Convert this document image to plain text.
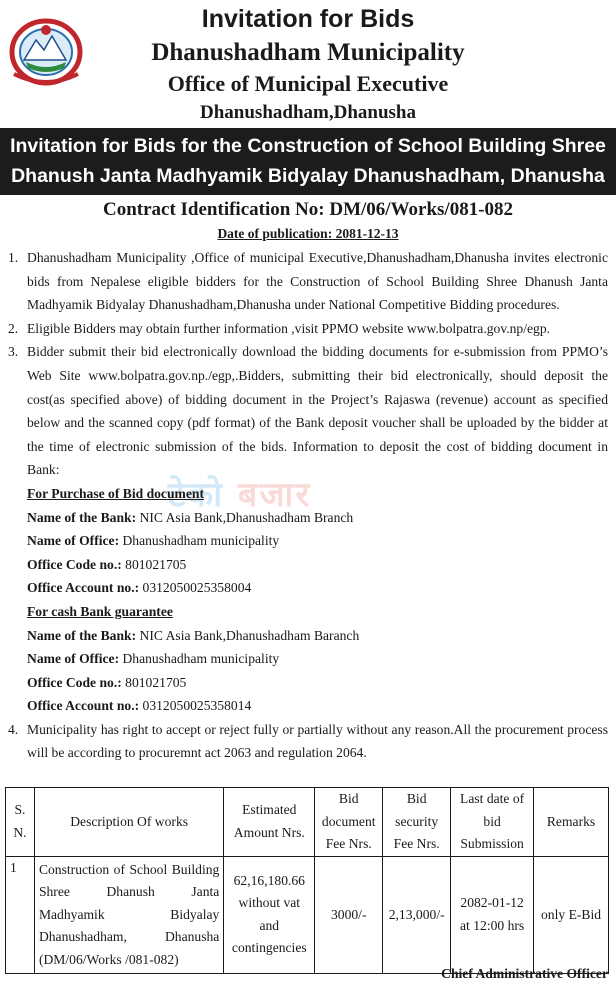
Invitation for Bids
Dhanushadham Municipality
Office of Municipal Executive
Dhanushadham,Dhanusha
Invitation for Bids for the Construction of School Building Shree
Dhanush Janta Madhyamik Bidyalay Dhanushadham, Dhanusha
Contract Identification No: DM/06/Works/081-082
Date of publication: 2081-12-13
टेको बजार
1. Dhanushadham Municipality ,Office of municipal Executive,Dhanushadham,Dhanusha invites electronic bids from Nepalese eligible bidders for the Construction of School Building Shree Dhanush Janta Madhyamik Bidyalay Dhanushadham,Dhanusha under National Competitive Bidding procedures.
2. Eligible Bidders may obtain further information ,visit PPMO website www.bolpatra.gov.np/egp.
3. Bidder submit their bid electronically download the bidding documents for e-submission from PPMO’s Web Site www.bolpatra.gov.np./egp,.Bidders, submitting their bid electronically, should deposit the cost(as specified above) of bidding document in the Project’s Rajaswa (revenue) account as specified below and the scanned copy (pdf format) of the Bank deposit voucher shall be uploaded by the bidder at the time of electronic submission of the bids. Information to deposit the cost of bidding document in Bank:
For Purchase of Bid document
Name of the Bank: NIC Asia Bank,Dhanushadham Branch
Name of Office: Dhanushadham municipality
Office Code no.: 801021705
Office Account no.: 0312050025358004
For cash Bank guarantee
Name of the Bank: NIC Asia Bank,Dhanushadham Baranch
Name of Office: Dhanushadham municipality
Office Code no.: 801021705
Office Account no.: 0312050025358014
4. Municipality has right to accept or reject fully or partially without any reason.All the procurement process will be according to procuremnt act 2063 and regulation 2064.
S. N.	Description Of works	Estimated Amount Nrs.	Bid document Fee Nrs.	Bid security Fee Nrs.	Last date of bid Submission	Remarks
1	Construction of School Building Shree Dhanush Janta Madhyamik Bidyalay Dhanushadham, Dhanusha (DM/06/Works /081-082)	62,16,180.66 without vat and contingencies	3000/-	2,13,000/-	2082-01-12 at 12:00 hrs	only E-Bid
Chief Administrative Officer
